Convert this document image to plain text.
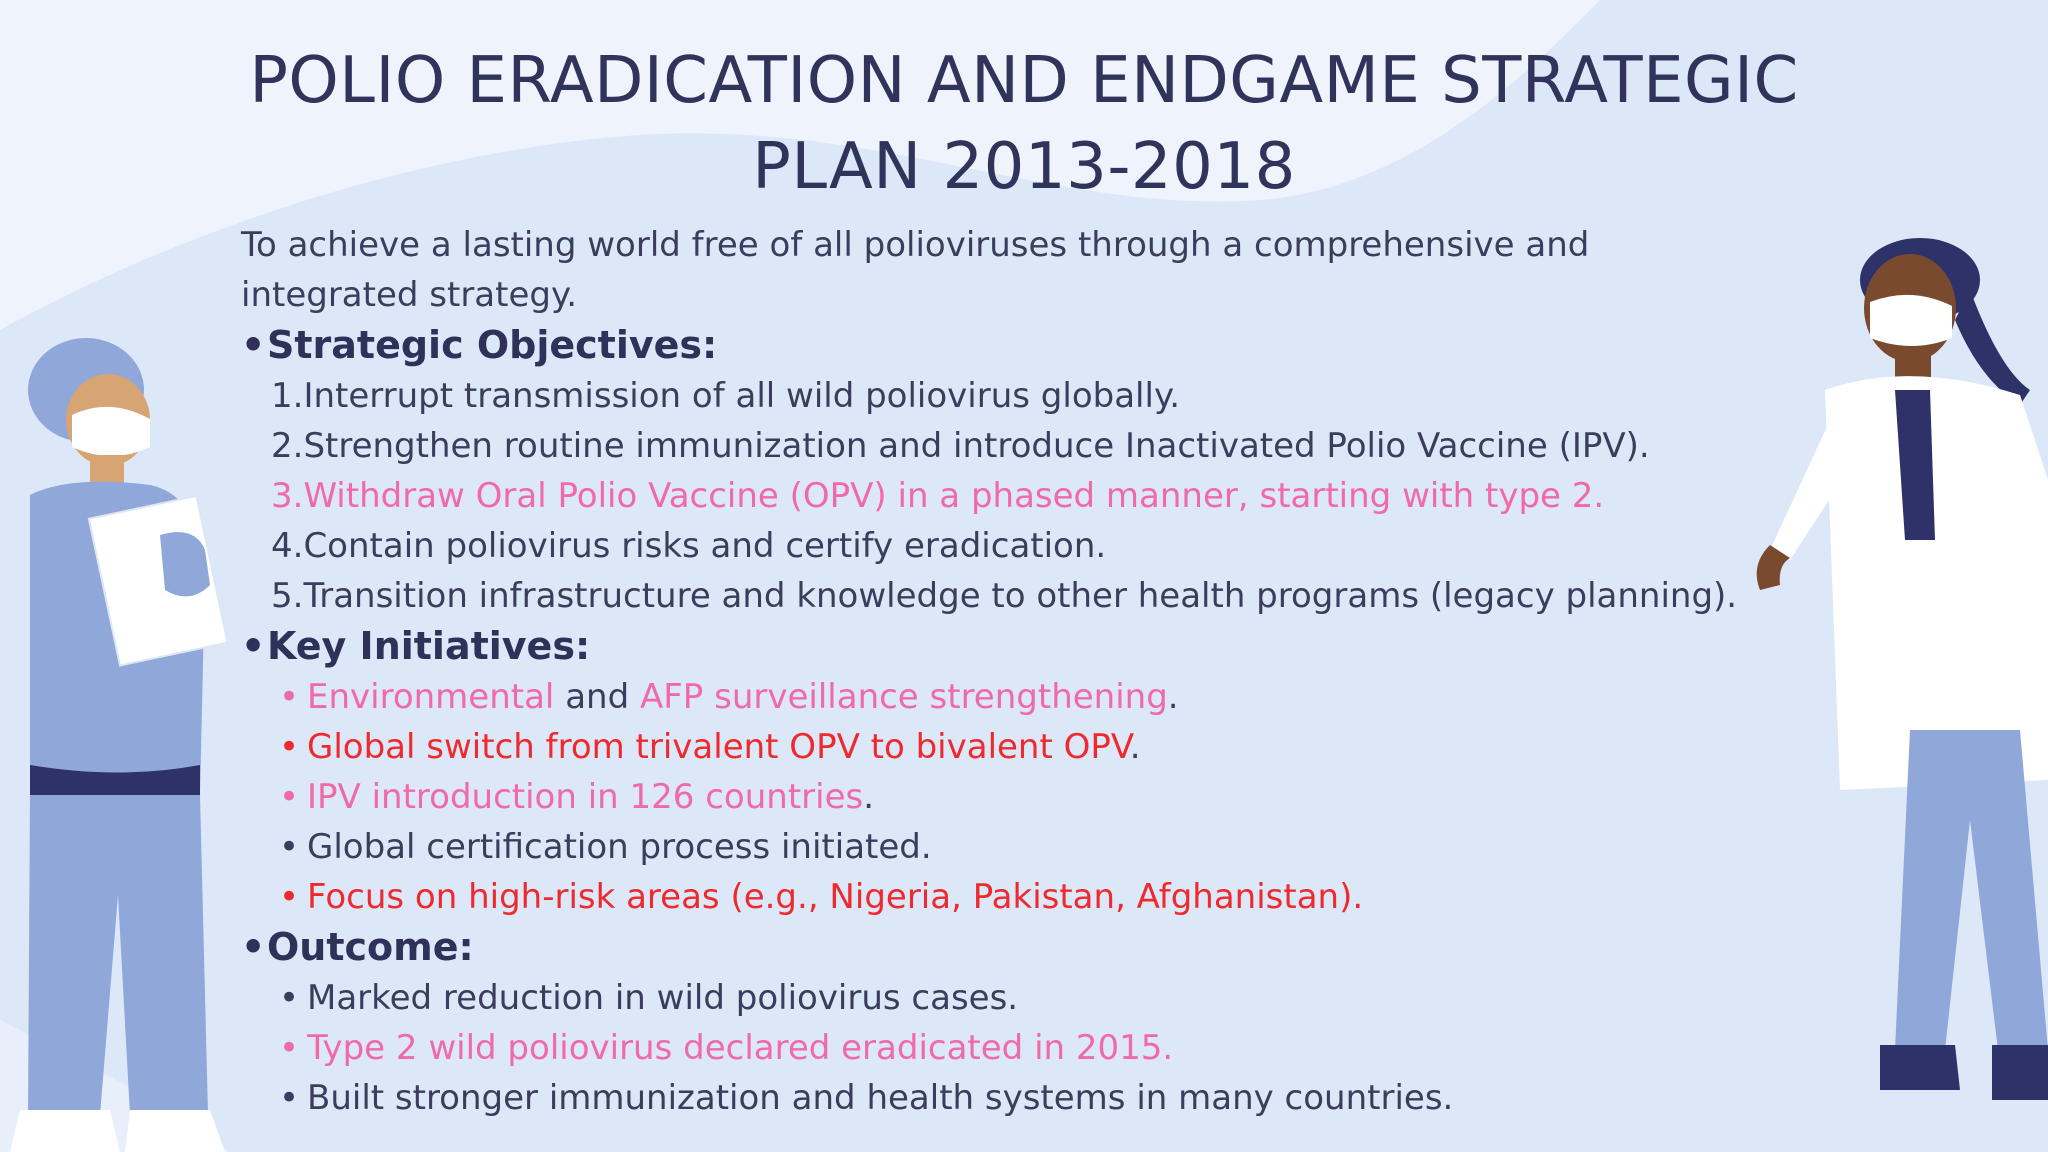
POLIO ERADICATION AND ENDGAME STRATEGIC
PLAN 2013-2018

To achieve a lasting world free of all polioviruses through a comprehensive and integrated strategy.

•Strategic Objectives:

1.Interrupt transmission of all wild poliovirus globally.

2.Strengthen routine immunization and introduce Inactivated Polio Vaccine (IPV).

3.Withdraw Oral Polio Vaccine (OPV) in a phased manner, starting with type 2.

4.Contain poliovirus risks and certify eradication.

5.Transition infrastructure and knowledge to other health programs (legacy planning).

•Key Initiatives:

• Environmental and AFP surveillance strengthening.

• Global switch from trivalent OPV to bivalent OPV.

• IPV introduction in 126 countries.

• Global certification process initiated.

• Focus on high-risk areas (e.g., Nigeria, Pakistan, Afghanistan).

•Outcome:

• Marked reduction in wild poliovirus cases.

• Type 2 wild poliovirus declared eradicated in 2015.

• Built stronger immunization and health systems in many countries.
